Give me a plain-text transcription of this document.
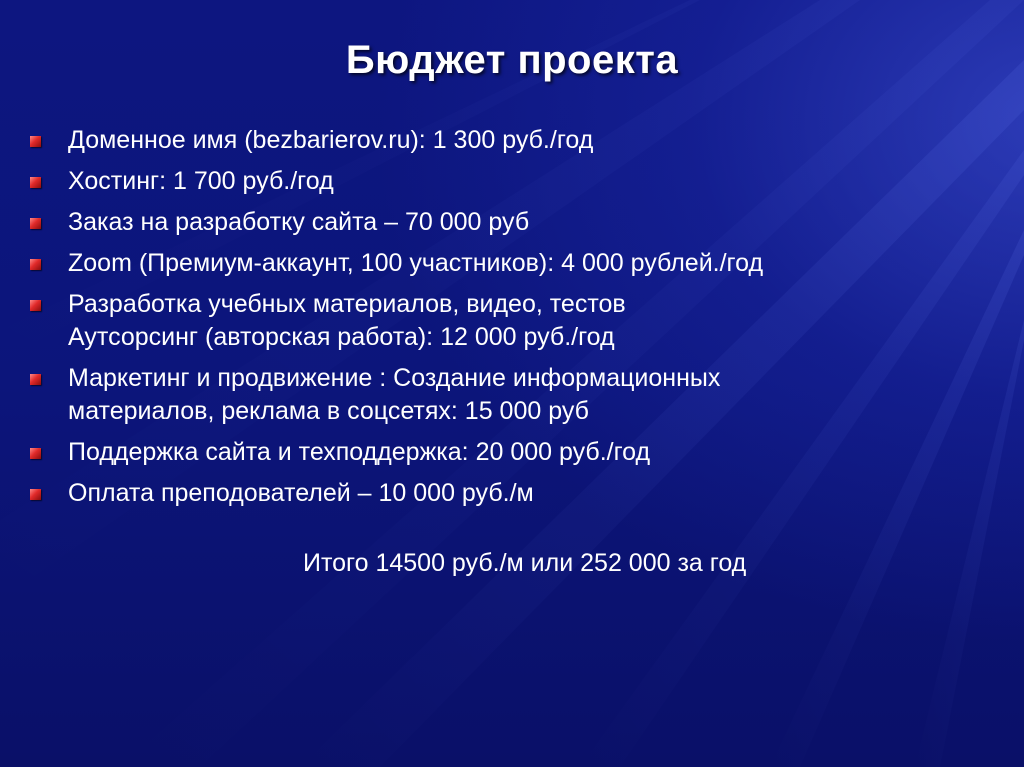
Бюджет проекта
Доменное имя (bezbarierov.ru): 1 300 руб./год
Хостинг: 1 700 руб./год
Заказ на разработку сайта – 70 000 руб
Zoom (Премиум-аккаунт, 100 участников): 4 000 рублей./год
Разработка учебных материалов, видео, тестов
Аутсорсинг (авторская работа): 12 000 руб./год
Маркетинг и продвижение : Создание информационных
материалов, реклама в соцсетях: 15 000 руб
Поддержка сайта и техподдержка: 20 000 руб./год
Оплата преподователей – 10 000 руб./м
Итого 14500 руб./м или 252 000 за год
